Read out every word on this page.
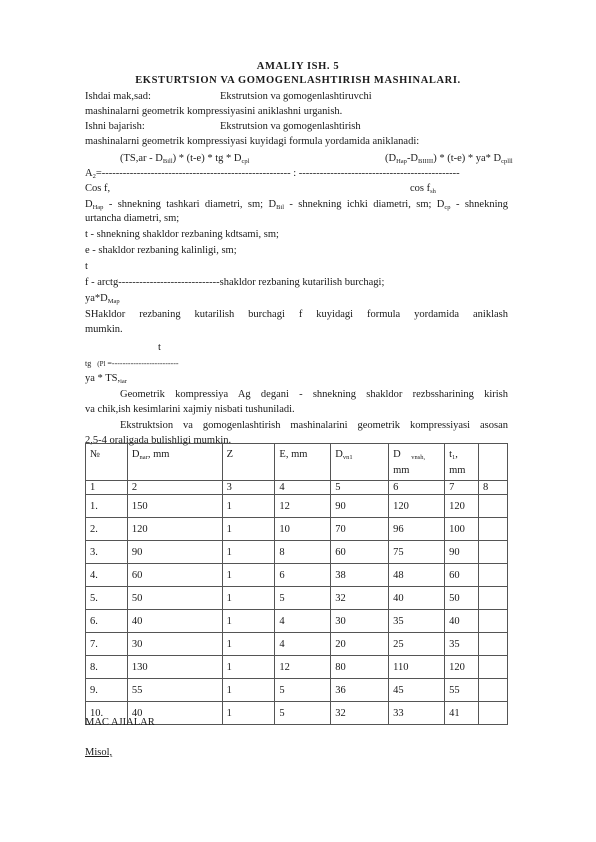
AMALIY ISH. 5
EKSTURTSION VA GOMOGENLASHTIRISH MASHINALARI.
Ishdai mak,sad:	Ekstrutsion va gomogenlashtiruvchi
mashinalarni geometrik kompressiyasini aniklashni urganish.
Ishni bajarish:	Ekstrutsion va gomogenlashtirish
mashinalarni geometrik kompressiyasi kuyidagi formula yordamida aniklanadi:
$(TS,ar - D_{Bill}) * (t-e)$ * tg * $D_{cpl}$	$(D_{Hap}-D_{BIIIII}) * (t-e) * ya*$ $D_{cplll}$
$A_2=------------------------------------------------------$ : ----------------------------------------------
Cos f,	$\cos f_{sh}$
$D_{Hap}$ - shnekning tashkari diametri, sm; $D_{Bil}$ - shnekning ichki diametri, sm; $D_{cp}$ - shnekning
urtancha diametri, sm;
t - shnekning shakldor rezbaning kdtsami, sm;
e - shakldor rezbaning kalinligi, sm;
t
f - arctg-----------------------------shakldor rezbaning kutarilish burchagi;
$ya*D_{Map}$
SHakldor rezbaning kutarilish burchagi f kuyidagi formula yordamida aniklash
mumkin.
t
tg (Pl =-------------------------
ya * $TS,_{iar}$
Geometrik kompressiya Ag degani - shnekning shakldor rezbssharining kirish
va chik,ish kesimlarini xajmiy nisbati tushuniladi.
Ekstruktsion va gomogenlashtirish mashinalarini geometrik kompressiyasi asosan
2,5-4 oraligada bulishligi mumkin.
№	$D_{nar}$, mm	Z	E, mm	$D_{vn1}$	D $_{vnsh,}$
mm	$t_1$, mm	
1	2	3	4	5	6	7	8
1.	150	1	12	90	120	120	
2.	120	1	10	70	96	100	
3.	90	1	8	60	75	90	
4.	60	1	6	38	48	60	
5.	50	1	5	32	40	50	
6.	40	1	4	30	35	40	
7.	30	1	4	20	25	35	
8.	130	1	12	80	110	120	
9.	55	1	5	36	45	55	
10.	40	1	5	32	33	41	
MAC AJIALAR
Misol,
